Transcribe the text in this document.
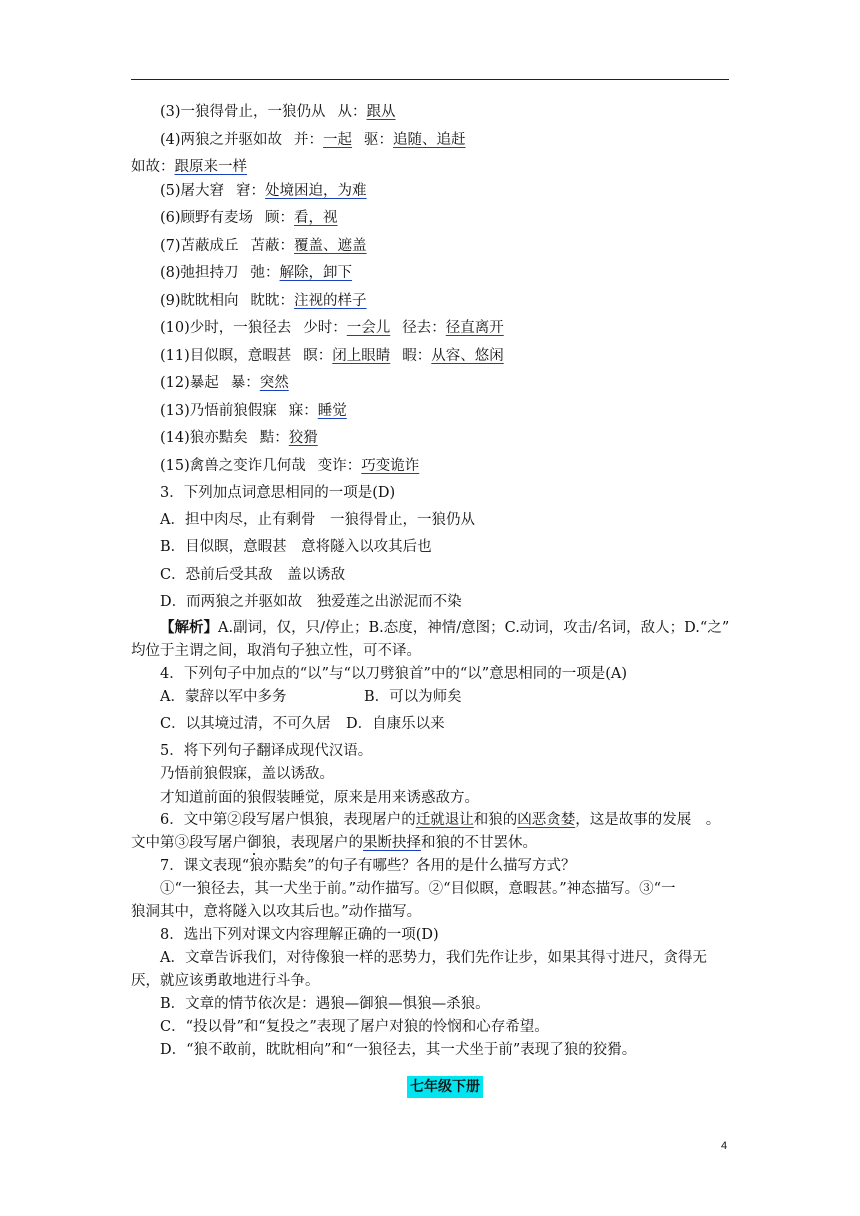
(3)一狼得骨止，一狼仍从 从：跟从
(4)两狼之并驱如故 并：一起 驱：追随、追赶
如故：跟原来一样
(5)屠大窘 窘：处境困迫，为难
(6)顾野有麦场 顾：看，视
(7)苫蔽成丘 苫蔽：覆盖、遮盖
(8)弛担持刀 弛：解除，卸下
(9)眈眈相向 眈眈：注视的样子
(10)少时，一狼径去 少时：一会儿 径去：径直离开
(11)目似瞑，意暇甚 瞑：闭上眼睛 暇：从容、悠闲
(12)暴起 暴：突然
(13)乃悟前狼假寐 寐：睡觉
(14)狼亦黠矣 黠：狡猾
(15)禽兽之变诈几何哉 变诈：巧变诡诈
3．下列加点词意思相同的一项是(D)
A．担中肉尽，止有剩骨　一狼得骨止，一狼仍从
B．目似瞑，意暇甚　意将隧入以攻其后也
C．恐前后受其敌　盖以诱敌
D．而两狼之并驱如故　独爱莲之出淤泥而不染
【解析】A.副词，仅，只/停止；B.态度，神情/意图；C.动词，攻击/名词，敌人；D.“之”
均位于主谓之间，取消句子独立性，可不译。
4．下列句子中加点的“以”与“以刀劈狼首”中的“以”意思相同的一项是(A)
A．蒙辞以军中多务	B．可以为师矣
C．以其境过清，不可久居 D．自康乐以来
5．将下列句子翻译成现代汉语。
乃悟前狼假寐，盖以诱敌。
才知道前面的狼假装睡觉，原来是用来诱惑敌方。
6．文中第②段写屠户惧狼，表现屠户的迁就退让和狼的凶恶贪婪，这是故事的发展　。
文中第③段写屠户御狼，表现屠户的果断抉择和狼的不甘罢休。
7．课文表现“狼亦黠矣”的句子有哪些？各用的是什么描写方式？
①“一狼径去，其一犬坐于前。”动作描写。②“目似瞑，意暇甚。”神态描写。③“一
狼洞其中，意将隧入以攻其后也。”动作描写。
8．选出下列对课文内容理解正确的一项(D)
A．文章告诉我们，对待像狼一样的恶势力，我们先作让步，如果其得寸进尺，贪得无
厌，就应该勇敢地进行斗争。
B．文章的情节依次是：遇狼—御狼—惧狼—杀狼。
C．“投以骨”和“复投之”表现了屠户对狼的怜悯和心存希望。
D．“狼不敢前，眈眈相向”和“一狼径去，其一犬坐于前”表现了狼的狡猾。
七年级下册
4
